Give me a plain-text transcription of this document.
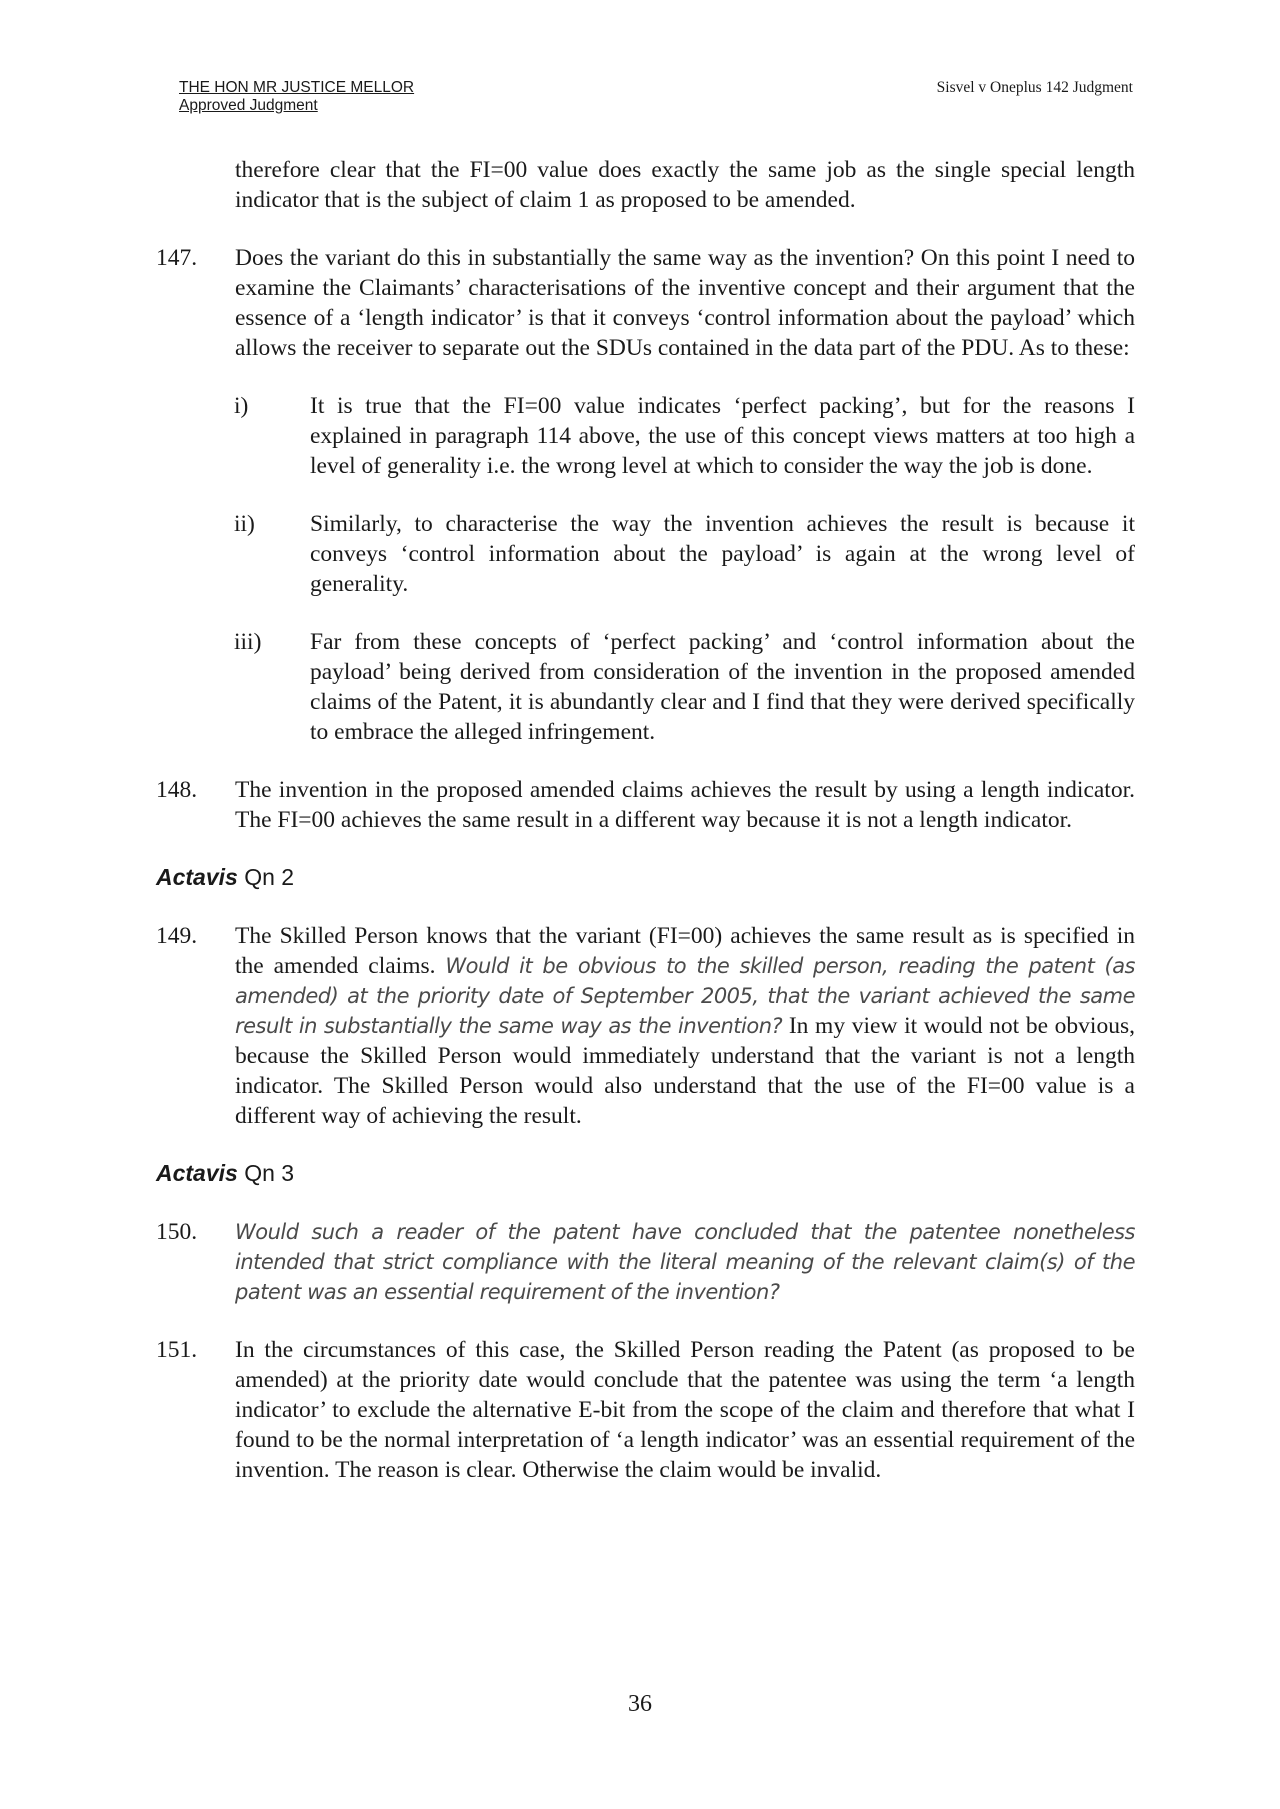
THE HON MR JUSTICE MELLOR
Approved Judgment
Sisvel v Oneplus 142 Judgment
therefore clear that the FI=00 value does exactly the same job as the single special length indicator that is the subject of claim 1 as proposed to be amended.
147. Does the variant do this in substantially the same way as the invention? On this point I need to examine the Claimants’ characterisations of the inventive concept and their argument that the essence of a ‘length indicator’ is that it conveys ‘control information about the payload’ which allows the receiver to separate out the SDUs contained in the data part of the PDU. As to these:
i)	It is true that the FI=00 value indicates ‘perfect packing’, but for the reasons I explained in paragraph 114 above, the use of this concept views matters at too high a level of generality i.e. the wrong level at which to consider the way the job is done.
ii) Similarly, to characterise the way the invention achieves the result is because it conveys ‘control information about the payload’ is again at the wrong level of generality.
iii) Far from these concepts of ‘perfect packing’ and ‘control information about the payload’ being derived from consideration of the invention in the proposed amended claims of the Patent, it is abundantly clear and I find that they were derived specifically to embrace the alleged infringement.
148. The invention in the proposed amended claims achieves the result by using a length indicator. The FI=00 achieves the same result in a different way because it is not a length indicator.
Actavis Qn 2
149. The Skilled Person knows that the variant (FI=00) achieves the same result as is specified in the amended claims. Would it be obvious to the skilled person, reading the patent (as amended) at the priority date of September 2005, that the variant achieved the same result in substantially the same way as the invention? In my view it would not be obvious, because the Skilled Person would immediately understand that the variant is not a length indicator. The Skilled Person would also understand that the use of the FI=00 value is a different way of achieving the result.
Actavis Qn 3
150. Would such a reader of the patent have concluded that the patentee nonetheless intended that strict compliance with the literal meaning of the relevant claim(s) of the patent was an essential requirement of the invention?
151. In the circumstances of this case, the Skilled Person reading the Patent (as proposed to be amended) at the priority date would conclude that the patentee was using the term ‘a length indicator’ to exclude the alternative E-bit from the scope of the claim and therefore that what I found to be the normal interpretation of ‘a length indicator’ was an essential requirement of the invention. The reason is clear. Otherwise the claim would be invalid.
36
